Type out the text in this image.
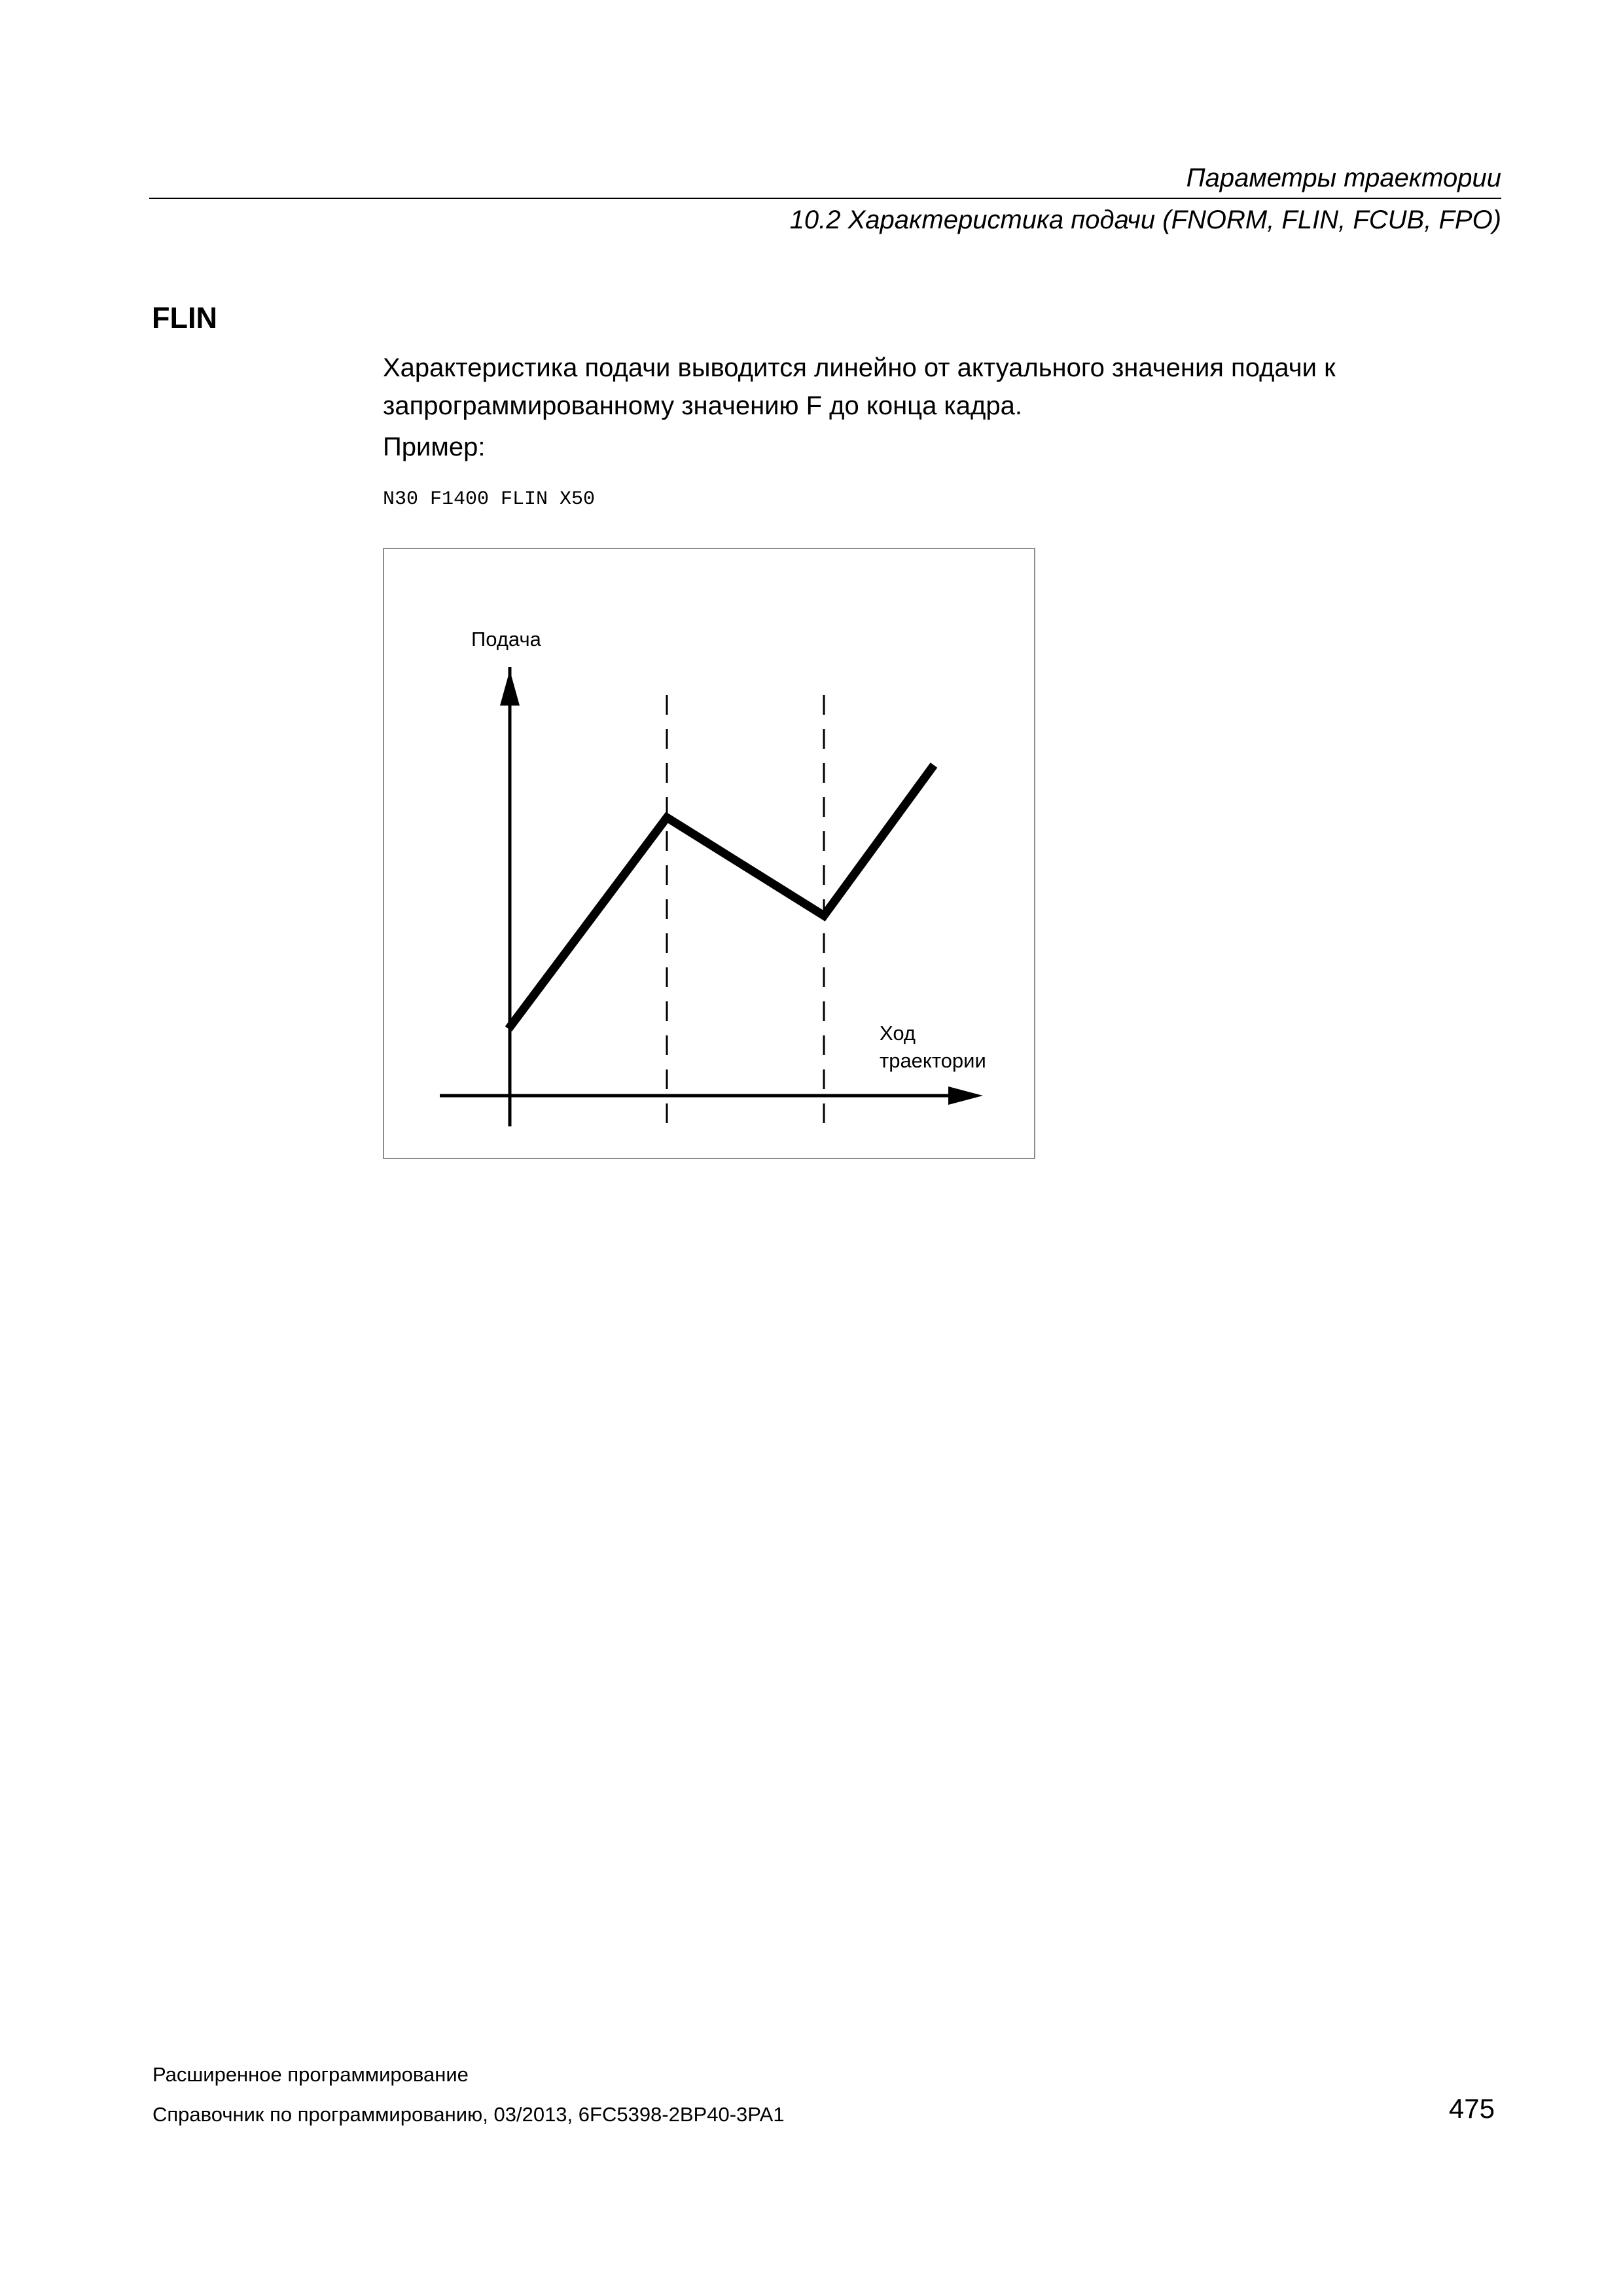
Параметры траектории
10.2 Характеристика подачи (FNORM, FLIN, FCUB, FPO)
FLIN
Характеристика подачи выводится линейно от актуального значения подачи к запрограммированному значению F до конца кадра.
Пример:
N30 F1400 FLIN X50
Подача
Ход
траектории
Расширенное программирование
Справочник по программированию, 03/2013, 6FC5398-2BP40-3PA1	475
